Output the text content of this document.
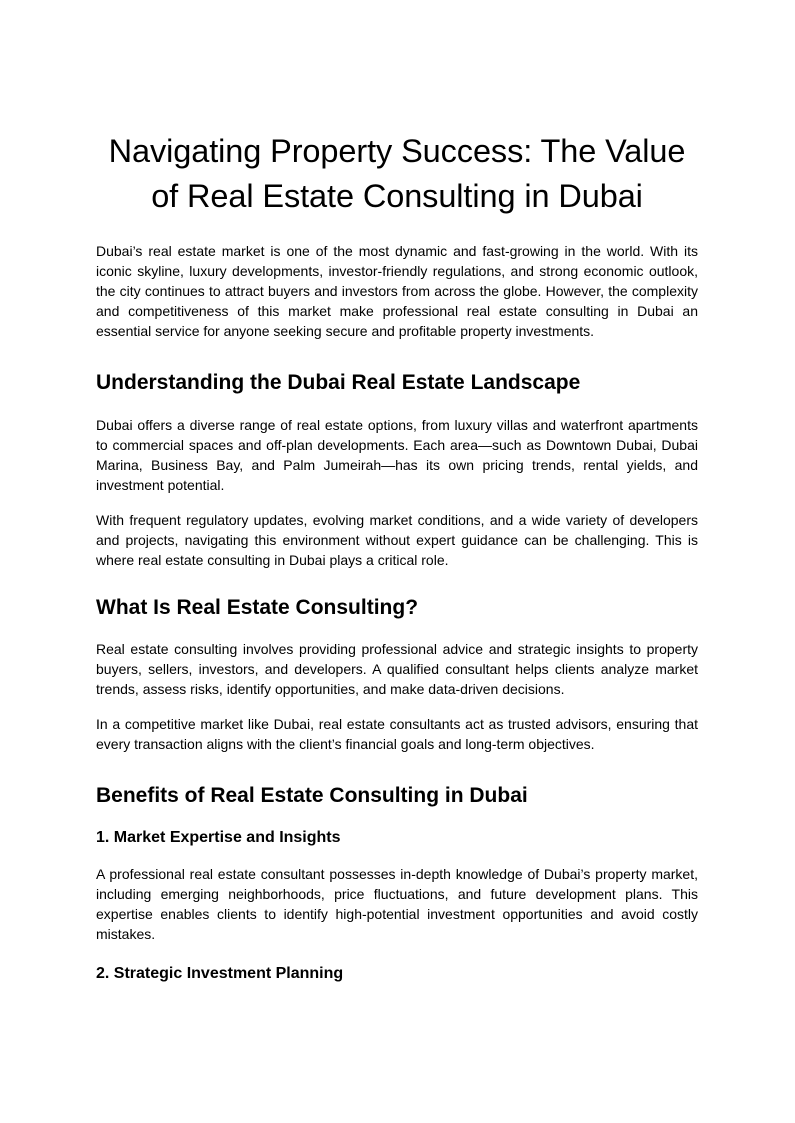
Navigating Property Success: The Value of Real Estate Consulting in Dubai

Dubai’s real estate market is one of the most dynamic and fast-growing in the world. With its iconic skyline, luxury developments, investor-friendly regulations, and strong economic outlook, the city continues to attract buyers and investors from across the globe. However, the complexity and competitiveness of this market make professional real estate consulting in Dubai an essential service for anyone seeking secure and profitable property investments.

Understanding the Dubai Real Estate Landscape

Dubai offers a diverse range of real estate options, from luxury villas and waterfront apartments to commercial spaces and off-plan developments. Each area—such as Downtown Dubai, Dubai Marina, Business Bay, and Palm Jumeirah—has its own pricing trends, rental yields, and investment potential.

With frequent regulatory updates, evolving market conditions, and a wide variety of developers and projects, navigating this environment without expert guidance can be challenging. This is where real estate consulting in Dubai plays a critical role.

What Is Real Estate Consulting?

Real estate consulting involves providing professional advice and strategic insights to property buyers, sellers, investors, and developers. A qualified consultant helps clients analyze market trends, assess risks, identify opportunities, and make data-driven decisions.

In a competitive market like Dubai, real estate consultants act as trusted advisors, ensuring that every transaction aligns with the client’s financial goals and long-term objectives.

Benefits of Real Estate Consulting in Dubai
1. Market Expertise and Insights

A professional real estate consultant possesses in-depth knowledge of Dubai’s property market, including emerging neighborhoods, price fluctuations, and future development plans. This expertise enables clients to identify high-potential investment opportunities and avoid costly mistakes.

2. Strategic Investment Planning
